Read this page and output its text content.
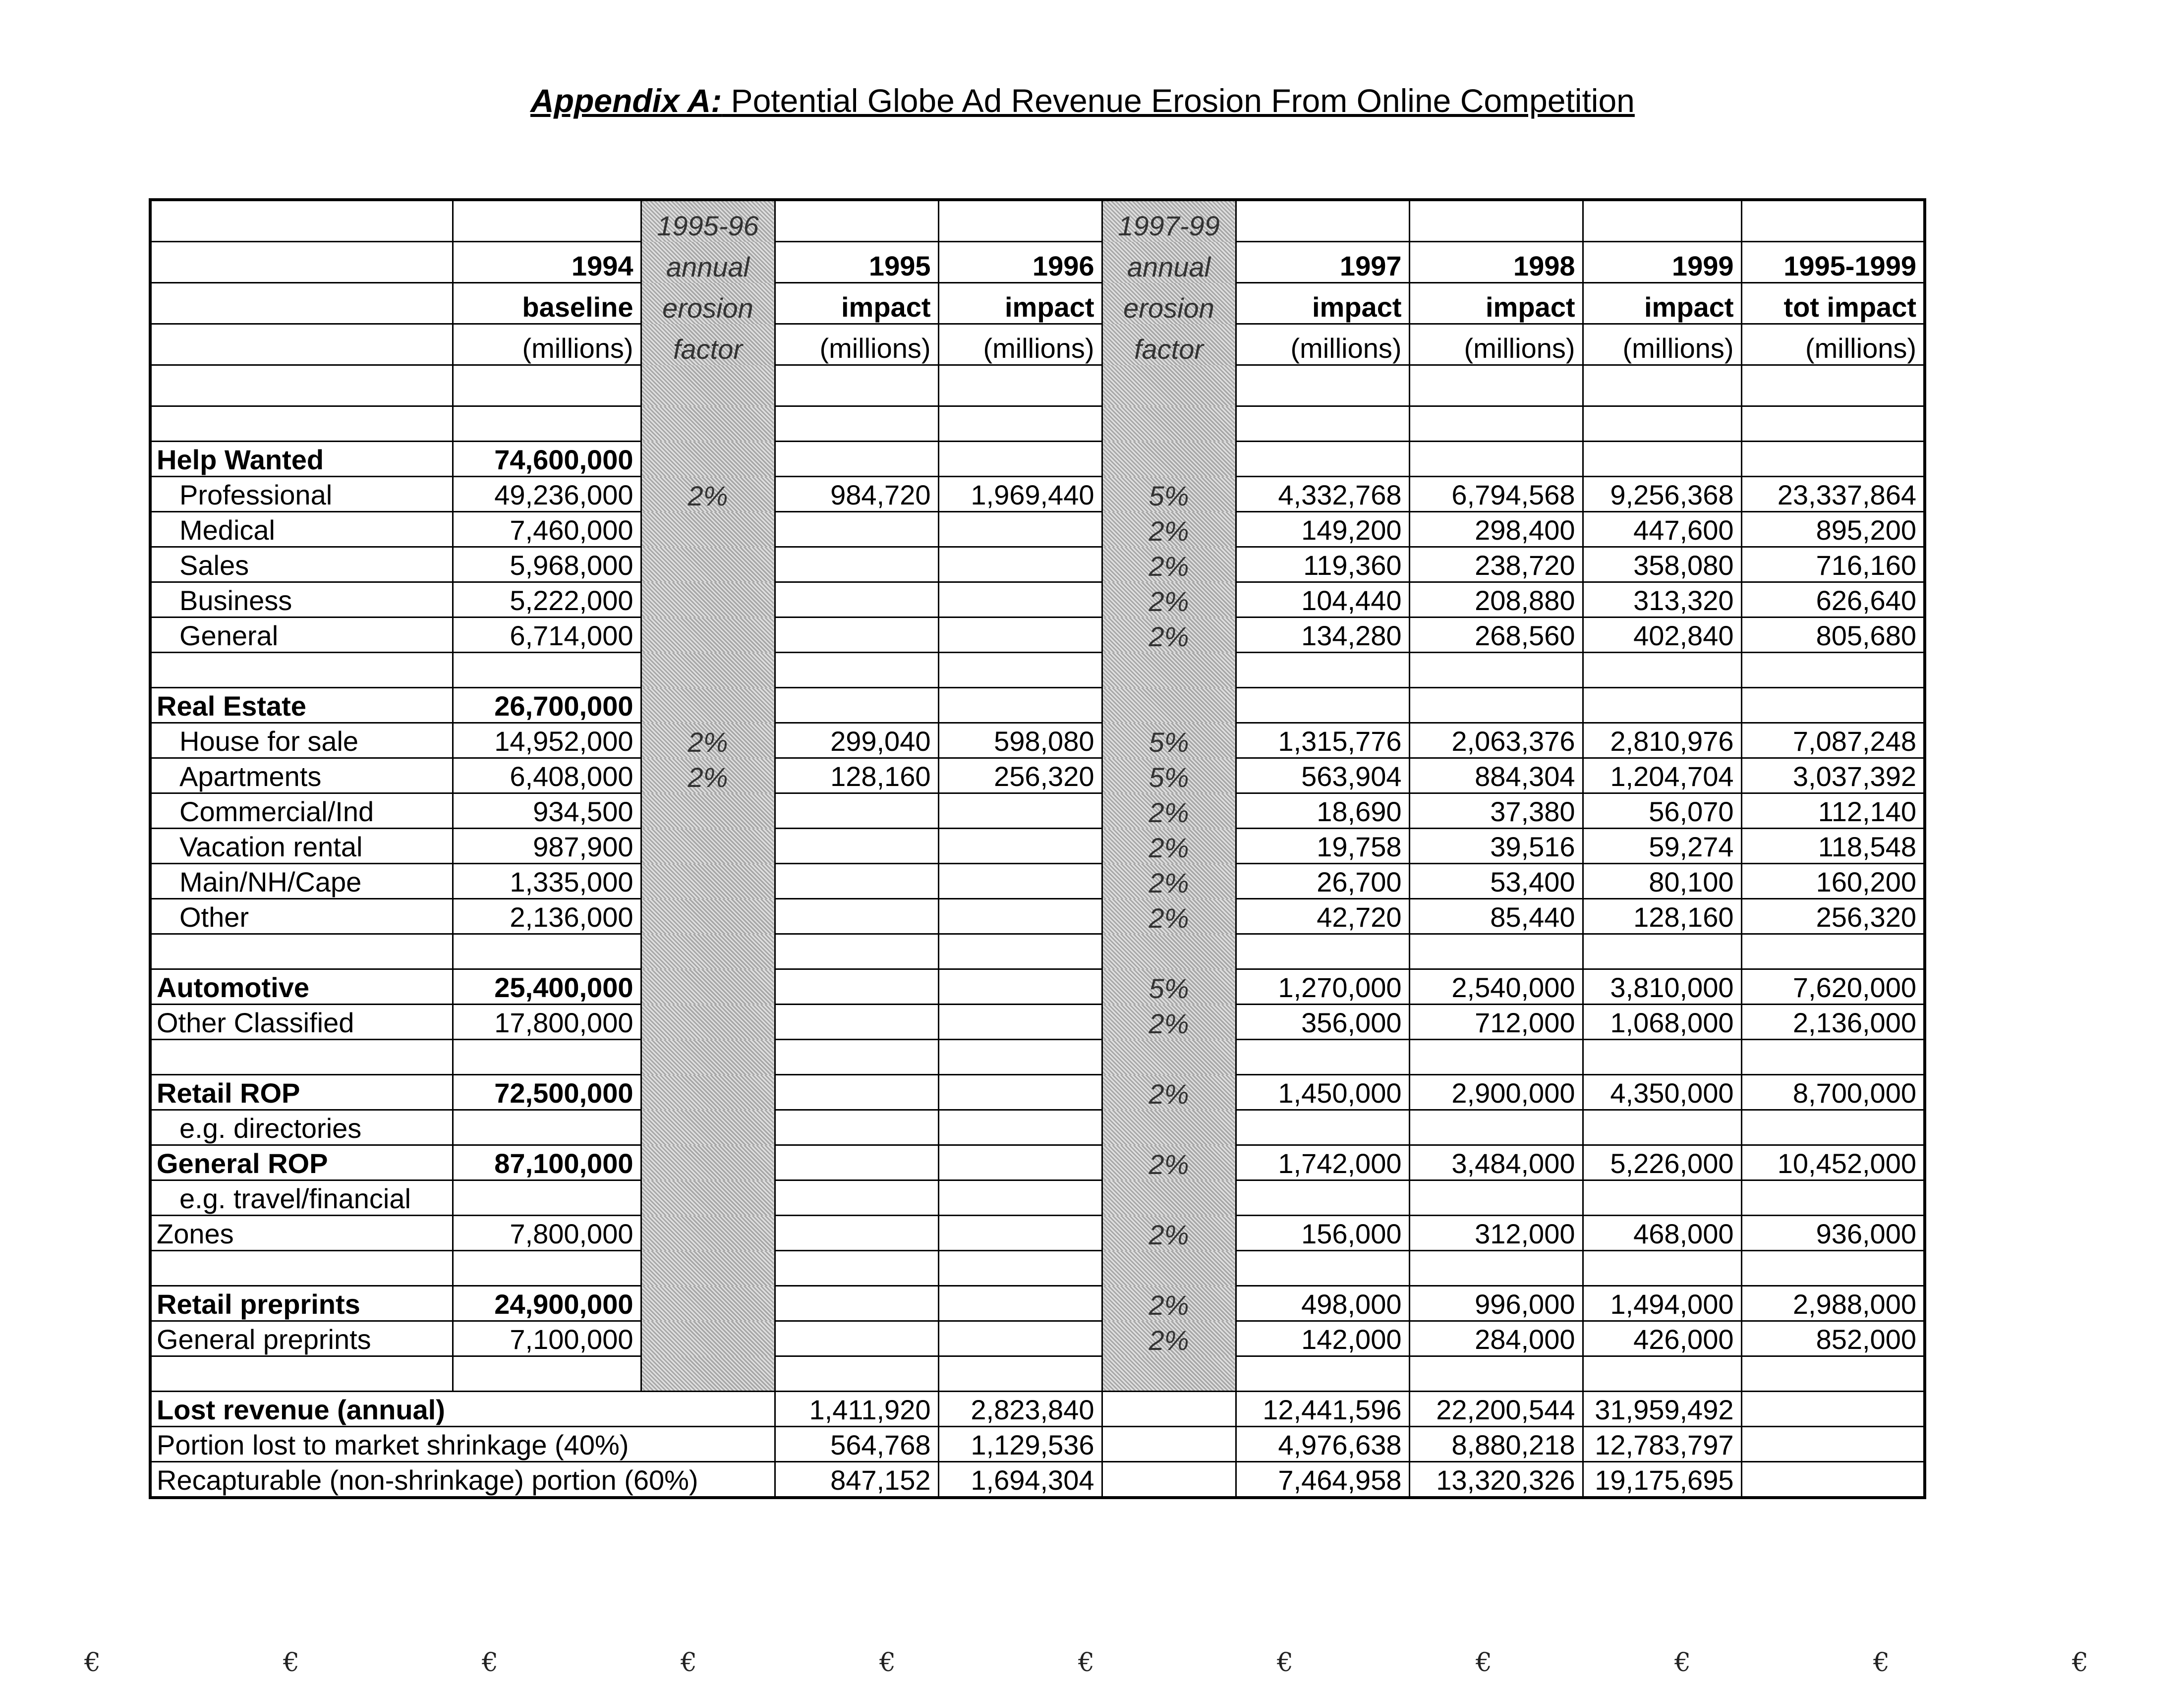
Appendix A: Potential Globe Ad Revenue Erosion From Online Competition
		1995-96			1997-99				
	1994	annual	1995	1996	annual	1997	1998	1999	1995-1999
	baseline	erosion	impact	impact	erosion	impact	impact	impact	tot impact
	(millions)	factor	(millions)	(millions)	factor	(millions)	(millions)	(millions)	(millions)

Help Wanted	74,600,000								
Professional	49,236,000	2%	984,720	1,969,440	5%	4,332,768	6,794,568	9,256,368	23,337,864
Medical	7,460,000				2%	149,200	298,400	447,600	895,200
Sales	5,968,000				2%	119,360	238,720	358,080	716,160
Business	5,222,000				2%	104,440	208,880	313,320	626,640
General	6,714,000				2%	134,280	268,560	402,840	805,680

Real Estate	26,700,000								
House for sale	14,952,000	2%	299,040	598,080	5%	1,315,776	2,063,376	2,810,976	7,087,248
Apartments	6,408,000	2%	128,160	256,320	5%	563,904	884,304	1,204,704	3,037,392
Commercial/Ind	934,500				2%	18,690	37,380	56,070	112,140
Vacation rental	987,900				2%	19,758	39,516	59,274	118,548
Main/NH/Cape	1,335,000				2%	26,700	53,400	80,100	160,200
Other	2,136,000				2%	42,720	85,440	128,160	256,320

Automotive	25,400,000				5%	1,270,000	2,540,000	3,810,000	7,620,000
Other Classified	17,800,000				2%	356,000	712,000	1,068,000	2,136,000

Retail ROP	72,500,000				2%	1,450,000	2,900,000	4,350,000	8,700,000
e.g. directories									
General ROP	87,100,000				2%	1,742,000	3,484,000	5,226,000	10,452,000
e.g. travel/financial									
Zones	7,800,000				2%	156,000	312,000	468,000	936,000

Retail preprints	24,900,000				2%	498,000	996,000	1,494,000	2,988,000
General preprints	7,100,000				2%	142,000	284,000	426,000	852,000

Lost revenue (annual)			1,411,920	2,823,840		12,441,596	22,200,544	31,959,492	
Portion lost to market shrinkage (40%)			564,768	1,129,536		4,976,638	8,880,218	12,783,797	
Recapturable (non-shrinkage) portion (60%)			847,152	1,694,304		7,464,958	13,320,326	19,175,695	
€	€	€	€	€	€	€	€	€	€	€
